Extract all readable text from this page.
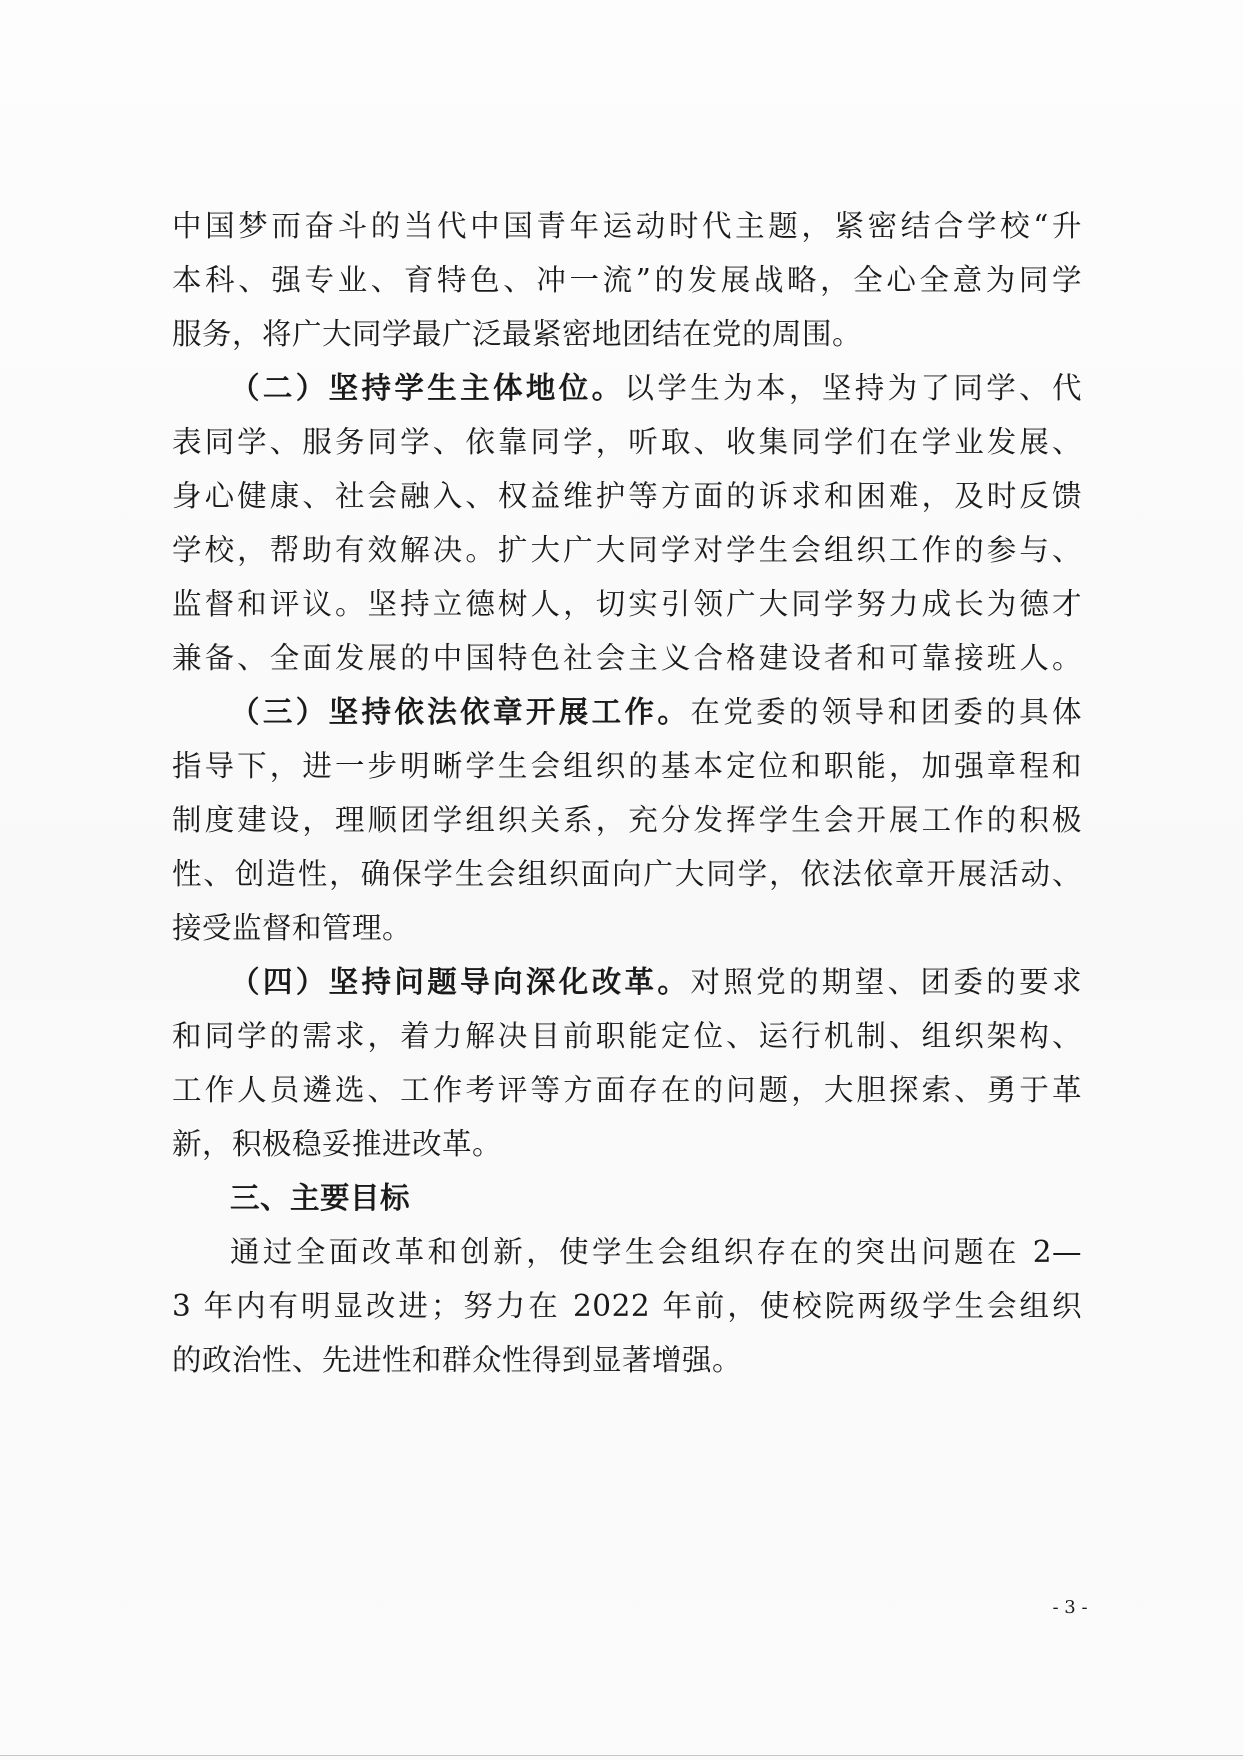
中国梦而奋斗的当代中国青年运动时代主题，紧密结合学校“升
本科、强专业、育特色、冲一流”的发展战略，全心全意为同学
服务，将广大同学最广泛最紧密地团结在党的周围。
（二）坚持学生主体地位。以学生为本，坚持为了同学、代
表同学、服务同学、依靠同学，听取、收集同学们在学业发展、
身心健康、社会融入、权益维护等方面的诉求和困难，及时反馈
学校，帮助有效解决。扩大广大同学对学生会组织工作的参与、
监督和评议。坚持立德树人，切实引领广大同学努力成长为德才
兼备、全面发展的中国特色社会主义合格建设者和可靠接班人。
（三）坚持依法依章开展工作。在党委的领导和团委的具体
指导下，进一步明晰学生会组织的基本定位和职能，加强章程和
制度建设，理顺团学组织关系，充分发挥学生会开展工作的积极
性、创造性，确保学生会组织面向广大同学，依法依章开展活动、
接受监督和管理。
（四）坚持问题导向深化改革。对照党的期望、团委的要求
和同学的需求，着力解决目前职能定位、运行机制、组织架构、
工作人员遴选、工作考评等方面存在的问题，大胆探索、勇于革
新，积极稳妥推进改革。
三、主要目标
通过全面改革和创新，使学生会组织存在的突出问题在 2—
3 年内有明显改进；努力在 2022 年前，使校院两级学生会组织
的政治性、先进性和群众性得到显著增强。
- 3 -
